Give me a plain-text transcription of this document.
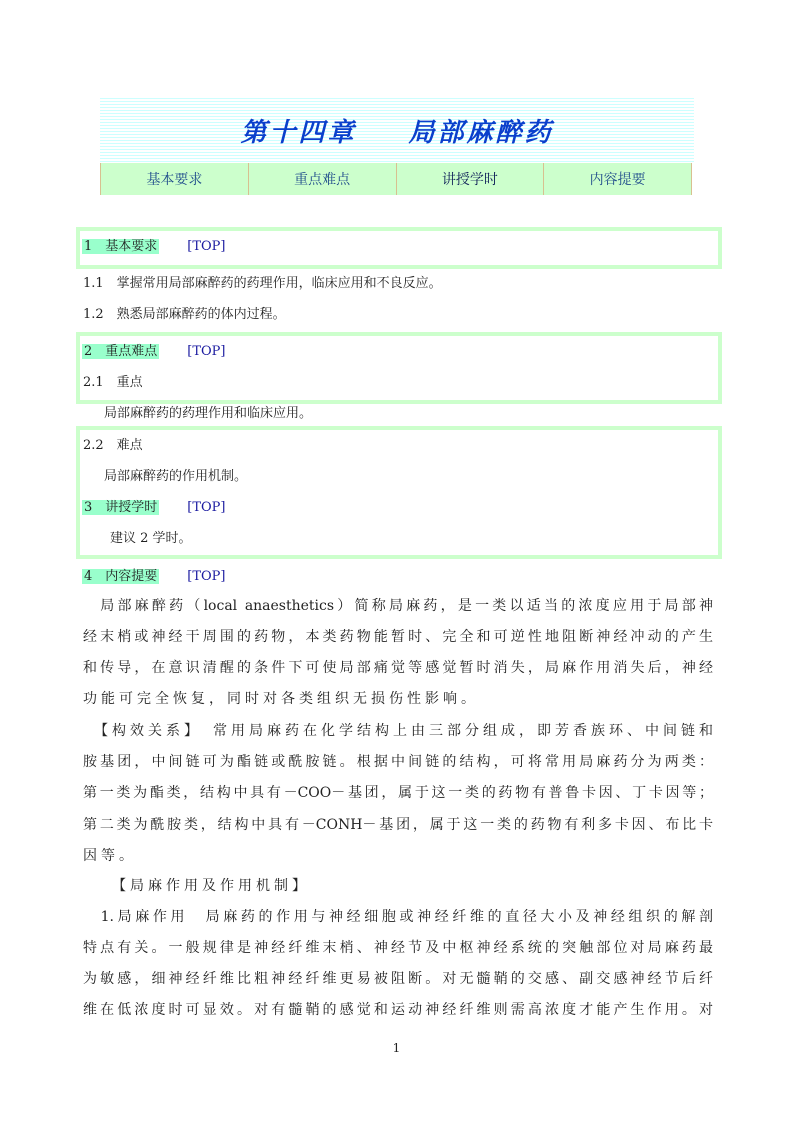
第十四章 局部麻醉药
基本要求	重点难点	讲授学时	内容提要
1　基本要求 [TOP]
1.1　掌握常用局部麻醉药的药理作用，临床应用和不良反应。
1.2　熟悉局部麻醉药的体内过程。
2　重点难点 [TOP]
2.1　重点
局部麻醉药的药理作用和临床应用。
2.2　难点
局部麻醉药的作用机制。
3　讲授学时 [TOP]
建议 2 学时。
4　内容提要 [TOP]
　局部麻醉药（local anaesthetics）简称局麻药，是一类以适当的浓度应用于局部神
经末梢或神经干周围的药物，本类药物能暂时、完全和可逆性地阻断神经冲动的产生
和传导，在意识清醒的条件下可使局部痛觉等感觉暂时消失，局麻作用消失后，神经
功能可完全恢复，同时对各类组织无损伤性影响。
　【构效关系】　常用局麻药在化学结构上由三部分组成，即芳香族环、中间链和
胺基团，中间链可为酯链或酰胺链。根据中间链的结构，可将常用局麻药分为两类：
第一类为酯类，结构中具有－COO－基团，属于这一类的药物有普鲁卡因、丁卡因等；
第二类为酰胺类，结构中具有－CONH－基团，属于这一类的药物有利多卡因、布比卡
因等。
　　【局麻作用及作用机制】
　1.局麻作用　局麻药的作用与神经细胞或神经纤维的直径大小及神经组织的解剖
特点有关。一般规律是神经纤维末梢、神经节及中枢神经系统的突触部位对局麻药最
为敏感，细神经纤维比粗神经纤维更易被阻断。对无髓鞘的交感、副交感神经节后纤
维在低浓度时可显效。对有髓鞘的感觉和运动神经纤维则需高浓度才能产生作用。对
1
